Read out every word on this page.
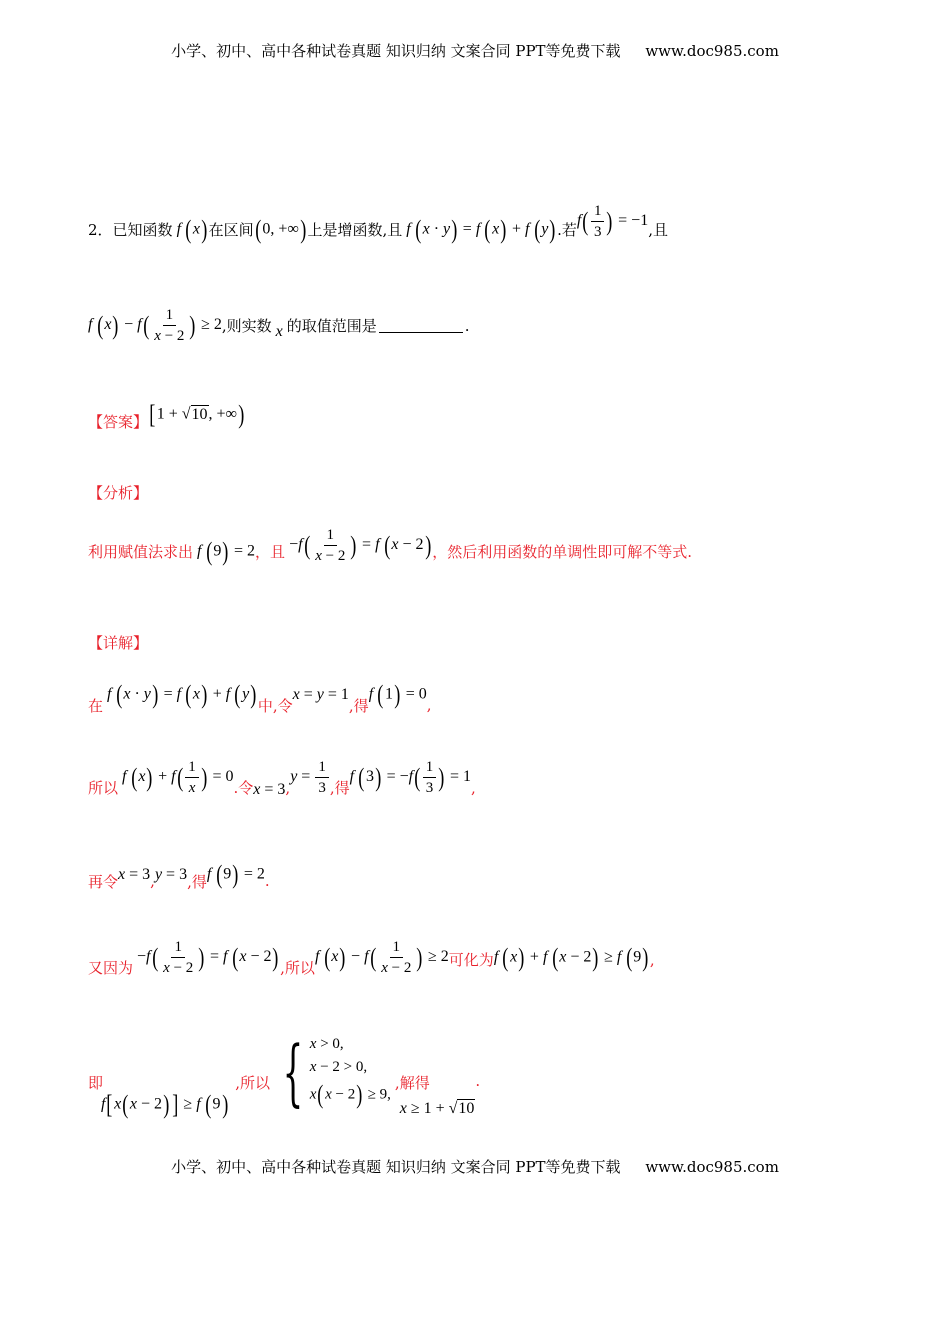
小学、初中、高中各种试卷真题 知识归纳 文案合同 PPT等免费下载 www.doc985.com
2． 已知函数 f  (x) 在区间 (0, +∞) 上是增函数,且 f  (x · y) = f  (x) + f  (y) .若
$f( \frac{1}{3}$ ) = −1
,且
f  $(x) - f( \frac{1}{x - 2}$ ) ≥ 2 ,则实数 x 的取值范围是	.
【答案】 [1 + √10, +∞)
【分析】
利用赋值法求出 f  (9) = 2 ，且 $-f( \frac{1}{x - 2}$ ) = f  (x − 2) ，然后利用函数的单调性即可解不等式.
【详解】
在
f  (x · y) = f  (x) + f  (y) 中,令
x = y = 1
,得
f  (1) = 0
,
所以
f  $(x) + f( \frac{1}{x}$ ) = 0
.令 x = 3 ,
$y = \frac{1}{3}$ ,得
f  $(3) = -f( \frac{1}{3}$ ) = 1
,
再令 x = 3 , y = 3 ,得 f  (9) = 2 .
又因为
$-f( \frac{1}{x - 2}$ ) = f  (x − 2) ,所以
f  $(x) - f( \frac{1}{x - 2}$ ) ≥ 2 可化为 f  (x) + f  (x − 2) ≥ f  (9) ,
即
f[x(x − 2) ] ≥ f  (9)
,所以 { x > 0,
x − 2 > 0,
x(x − 2) ≥ 9,
,解得
x ≥ 1 + √10
.
小学、初中、高中各种试卷真题 知识归纳 文案合同 PPT等免费下载 www.doc985.com
